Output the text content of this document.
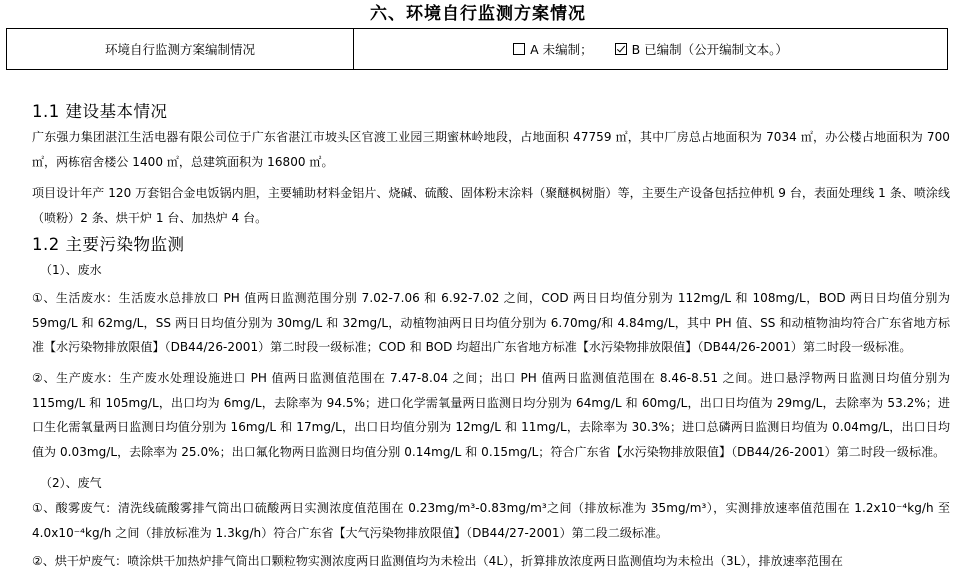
六、环境自行监测方案情况
环境自行监测方案编制情况	A 未编制；	B 已编制（公开编制文本。）
1.1 建设基本情况
广东强力集团湛江生活电器有限公司位于广东省湛江市坡头区官渡工业园三期蜜林岭地段，占地面积 47759 ㎡，其中厂房总占地面积为 7034 ㎡，办公楼占地面积为 700 ㎡，两栋宿舍楼公 1400 ㎡，总建筑面积为 16800 ㎡。
项目设计年产 120 万套铝合金电饭锅内胆，主要辅助材料金铝片、烧碱、硫酸、固体粉末涂料（聚醚枫树脂）等，主要生产设备包括拉伸机 9 台，表面处理线 1 条、喷涂线（喷粉）2 条、烘干炉 1 台、加热炉 4 台。
1.2 主要污染物监测
（1）、废水
①、生活废水：生活废水总排放口 PH 值两日监测范围分别 7.02-7.06 和 6.92-7.02 之间，COD 两日日均值分别为 112mg/L 和 108mg/L，BOD 两日日均值分别为 59mg/L 和 62mg/L，SS 两日日均值分别为 30mg/L 和 32mg/L，动植物油两日日均值分别为 6.70mg/和 4.84mg/L，其中 PH 值、SS 和动植物油均符合广东省地方标准【水污染物排放限值】（DB44/26-2001）第二时段一级标准；COD 和 BOD 均超出广东省地方标准【水污染物排放限值】（DB44/26-2001）第二时段一级标准。
②、生产废水：生产废水处理设施进口 PH 值两日监测值范围在 7.47-8.04 之间；出口 PH 值两日监测值范围在 8.46-8.51 之间。进口悬浮物两日监测日均值分别为 115mg/L 和 105mg/L，出口均为 6mg/L，去除率为 94.5%；进口化学需氧量两日监测日均分别为 64mg/L 和 60mg/L，出口日均值为 29mg/L，去除率为 53.2%；进口生化需氧量两日监测日均值分别为 16mg/L 和 17mg/L，出口日均值分别为 12mg/L 和 11mg/L，去除率为 30.3%；进口总磷两日监测日均值为 0.04mg/L，出口日均值为 0.03mg/L，去除率为 25.0%；出口氟化物两日监测日均值分别 0.14mg/L 和 0.15mg/L；符合广东省【水污染物排放限值】（DB44/26-2001）第二时段一级标准。
（2）、废气
①、酸雾废气：清洗线硫酸雾排气筒出口硫酸两日实测浓度值范围在 0.23mg/m³-0.83mg/m³之间（排放标准为 35mg/m³），实测排放速率值范围在 1.2x10⁻⁴kg/h 至 4.0x10⁻⁴kg/h 之间（排放标准为 1.3kg/h）符合广东省【大气污染物排放限值】（DB44/27-2001）第二段二级标准。
②、烘干炉废气：喷涂烘干加热炉排气筒出口颗粒物实测浓度两日监测值均为未检出（4L），折算排放浓度两日监测值均为未检出（3L），排放速率范围在
